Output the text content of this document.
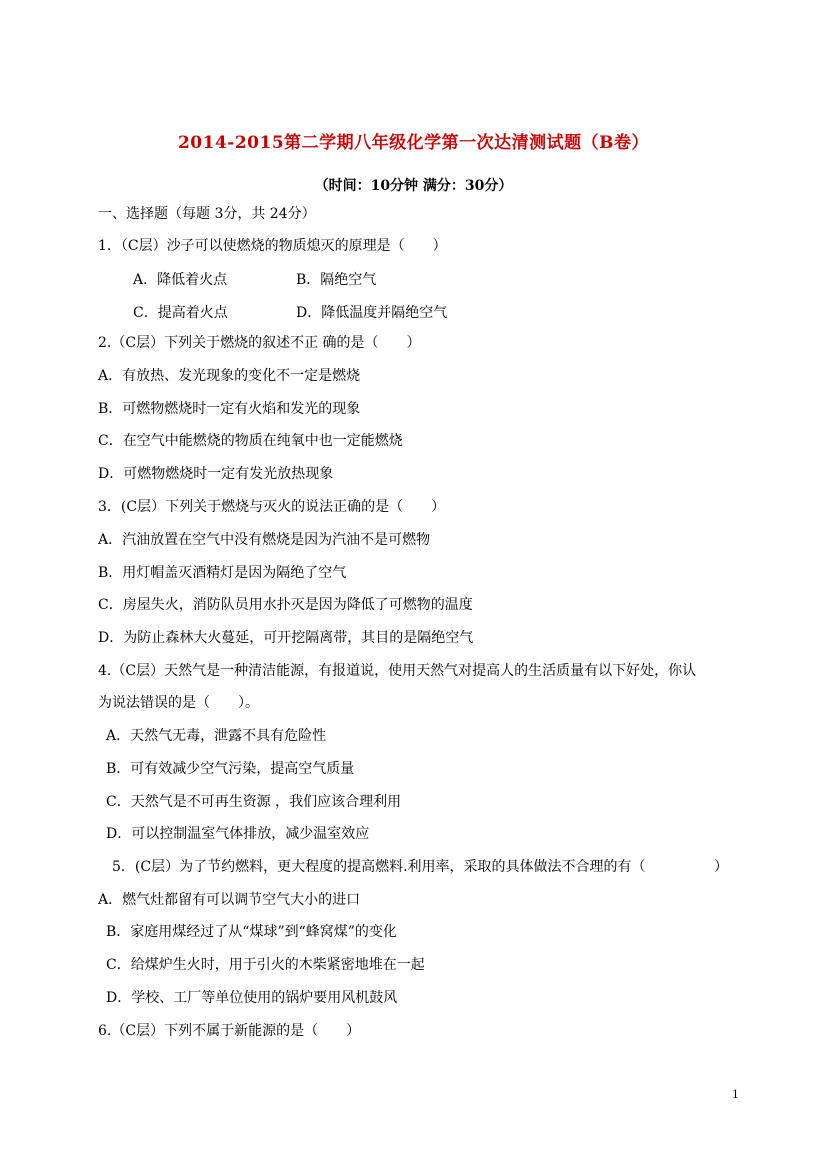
2014-2015第二学期八年级化学第一次达清测试题（B卷）
（时间：10分钟 满分：30分）
一、选择题（每题 3分，共 24分）
1．（C层）沙子可以使燃烧的物质熄灭的原理是（　　）
A．降低着火点	B．隔绝空气
C．提高着火点	D．降低温度并隔绝空气
2.（C层）下列关于燃烧的叙述不正 确的是（　　）
A．有放热、发光现象的变化不一定是燃烧
B．可燃物燃烧时一定有火焰和发光的现象
C．在空气中能燃烧的物质在纯氧中也一定能燃烧
D．可燃物燃烧时一定有发光放热现象
3．(C层）下列关于燃烧与灭火的说法正确的是（　　）
A．汽油放置在空气中没有燃烧是因为汽油不是可燃物
B．用灯帽盖灭酒精灯是因为隔绝了空气
C．房屋失火，消防队员用水扑灭是因为降低了可燃物的温度
D．为防止森林大火蔓延，可开挖隔离带，其目的是隔绝空气
4.（C层）天然气是一种清洁能源，有报道说，使用天然气对提高人的生活质量有以下好处，你认
为说法错误的是（　　）。
A．天然气无毒，泄露不具有危险性
B．可有效减少空气污染，提高空气质量
C．天然气是不可再生资源 ，我们应该合理利用
D．可以控制温室气体排放，减少温室效应
5．(C层）为了节约燃料，更大程度的提高燃料.利用率，采取的具体做法不合理的有（	）
A．燃气灶都留有可以调节空气大小的进口
B．家庭用煤经过了从“煤球”到“蜂窝煤”的变化
C．给煤炉生火时，用于引火的木柴紧密地堆在一起
D．学校、工厂等单位使用的锅炉要用风机鼓风
6.（C层）下列不属于新能源的是（　　）
1
